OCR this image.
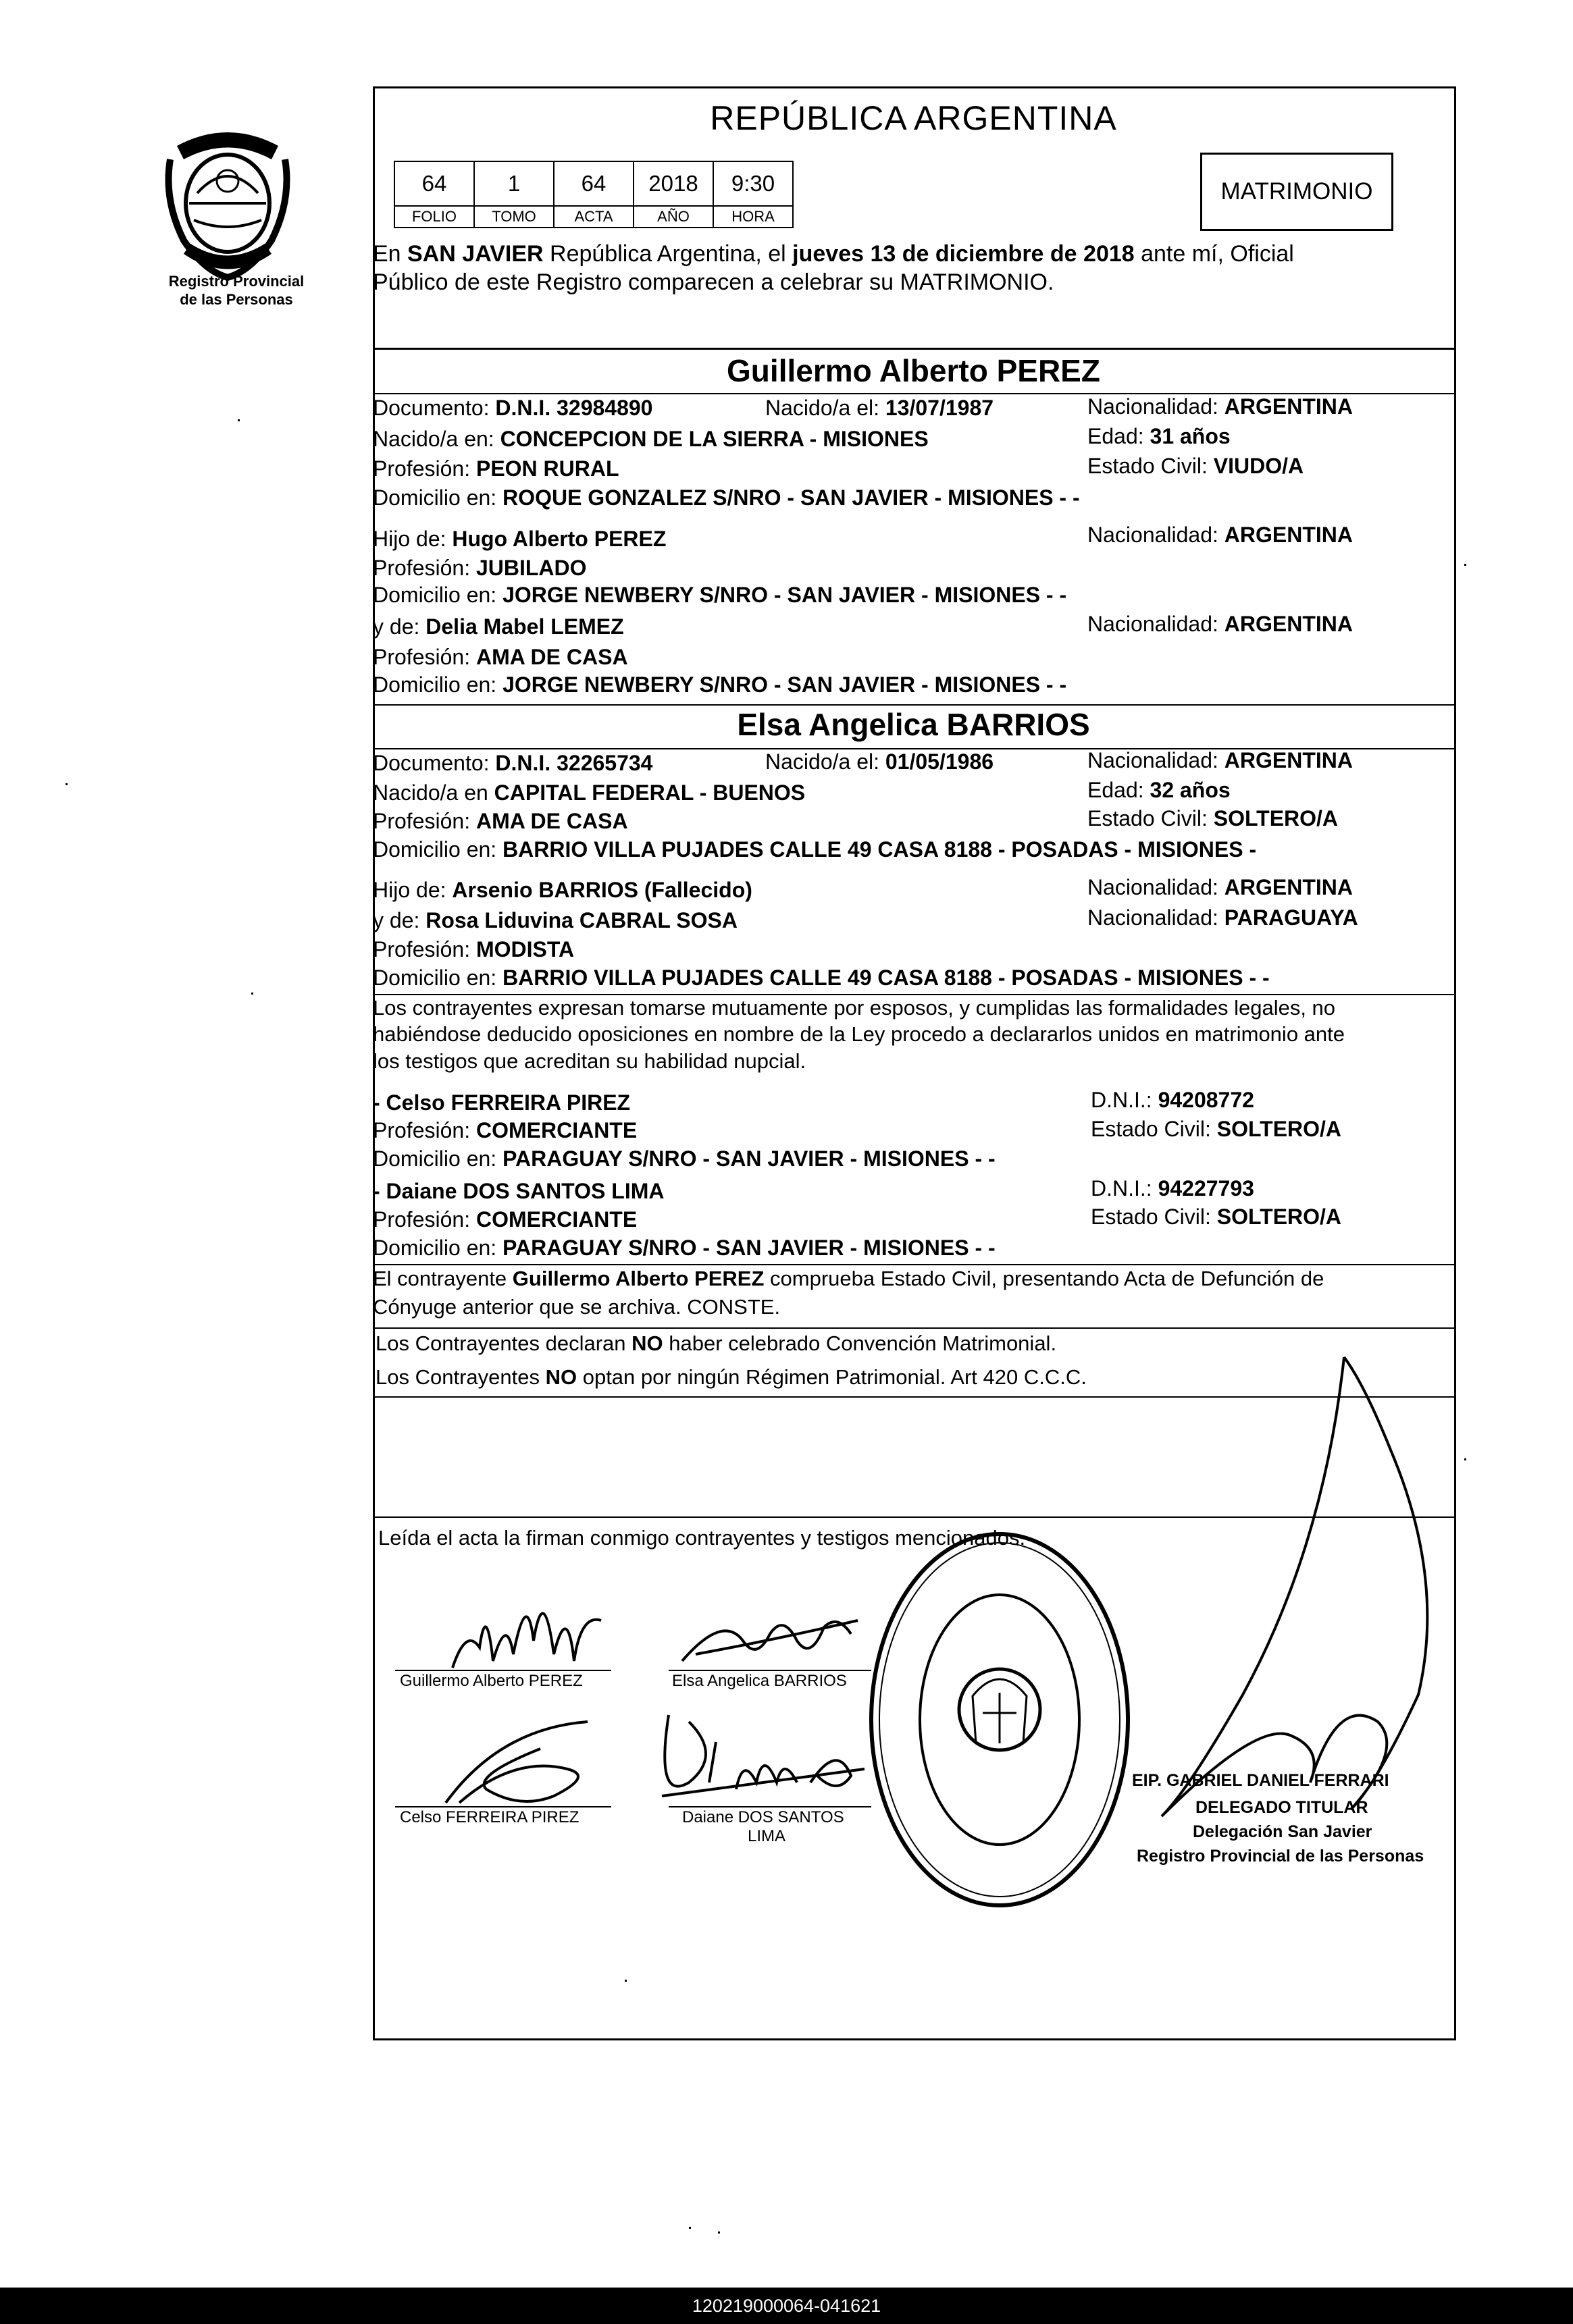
Registro Provincial
de las Personas
REPÚBLICA ARGENTINA
64	1	64	2018	9:30
FOLIO	TOMO	ACTA	AÑO	HORA
MATRIMONIO
En SAN JAVIER República Argentina, el jueves 13 de diciembre de 2018 ante mí, Oficial
Público de este Registro comparecen a celebrar su MATRIMONIO.
Guillermo Alberto PEREZ
Documento: D.N.I. 32984890	Nacido/a el: 13/07/1987	Nacionalidad: ARGENTINA
Nacido/a en: CONCEPCION DE LA SIERRA - MISIONES	Edad: 31 años
Profesión: PEON RURAL	Estado Civil: VIUDO/A
Domicilio en: ROQUE GONZALEZ S/NRO - SAN JAVIER - MISIONES - -
Hijo de: Hugo Alberto PEREZ	Nacionalidad: ARGENTINA
Profesión: JUBILADO
Domicilio en: JORGE NEWBERY S/NRO - SAN JAVIER - MISIONES - -
y de: Delia Mabel LEMEZ	Nacionalidad: ARGENTINA
Profesión: AMA DE CASA
Domicilio en: JORGE NEWBERY S/NRO - SAN JAVIER - MISIONES - -
Elsa Angelica BARRIOS
Documento: D.N.I. 32265734	Nacido/a el: 01/05/1986	Nacionalidad: ARGENTINA
Nacido/a en CAPITAL FEDERAL - BUENOS	Edad: 32 años
Profesión: AMA DE CASA	Estado Civil: SOLTERO/A
Domicilio en: BARRIO VILLA PUJADES CALLE 49 CASA 8188 - POSADAS - MISIONES -
Hijo de: Arsenio BARRIOS (Fallecido)	Nacionalidad: ARGENTINA
y de: Rosa Liduvina CABRAL SOSA	Nacionalidad: PARAGUAYA
Profesión: MODISTA
Domicilio en: BARRIO VILLA PUJADES CALLE 49 CASA 8188 - POSADAS - MISIONES - -
Los contrayentes expresan tomarse mutuamente por esposos, y cumplidas las formalidades legales, no
habiéndose deducido oposiciones en nombre de la Ley procedo a declararlos unidos en matrimonio ante
los testigos que acreditan su habilidad nupcial.
- Celso FERREIRA PIREZ	D.N.I.: 94208772
Profesión: COMERCIANTE	Estado Civil: SOLTERO/A
Domicilio en: PARAGUAY S/NRO - SAN JAVIER - MISIONES - -
- Daiane DOS SANTOS LIMA	D.N.I.: 94227793
Profesión: COMERCIANTE	Estado Civil: SOLTERO/A
Domicilio en: PARAGUAY S/NRO - SAN JAVIER - MISIONES - -
El contrayente Guillermo Alberto PEREZ comprueba Estado Civil, presentando Acta de Defunción de
Cónyuge anterior que se archiva. CONSTE.
Los Contrayentes declaran NO haber celebrado Convención Matrimonial.
Los Contrayentes NO optan por ningún Régimen Patrimonial. Art 420 C.C.C.
Leída el acta la firman conmigo contrayentes y testigos mencionados.
Guillermo Alberto PEREZ	Elsa Angelica BARRIOS
Celso FERREIRA PIREZ	Daiane DOS SANTOS
LIMA
EIP. GABRIEL DANIEL FERRARI
DELEGADO TITULAR
Delegación San Javier
Registro Provincial de las Personas
120219000064-041621
